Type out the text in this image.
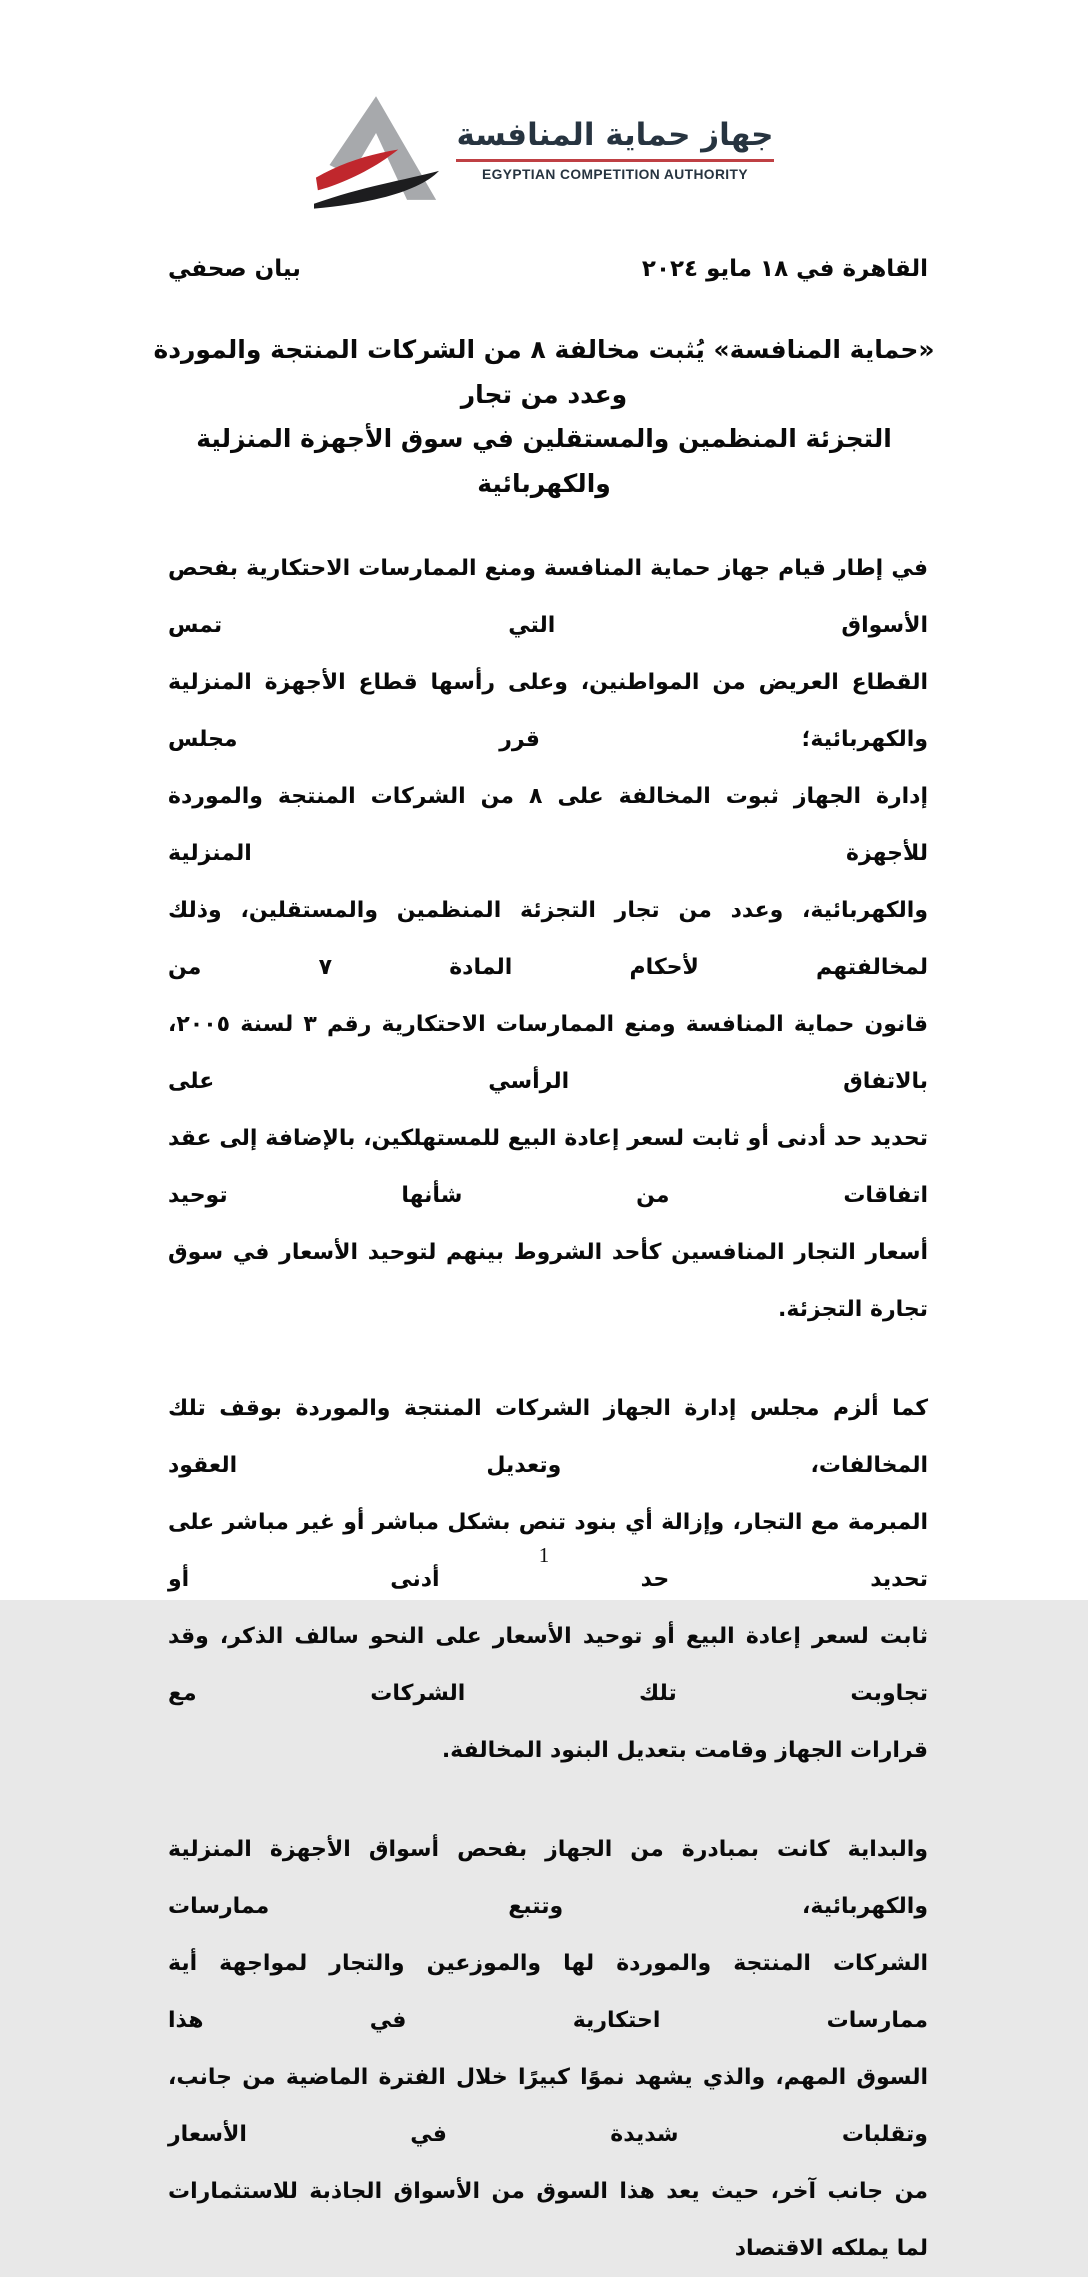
جهاز حماية المنافسة
EGYPTIAN COMPETITION AUTHORITY
القاهرة في ١٨ مايو ٢٠٢٤
بيان صحفي
«حماية المنافسة» يُثبت مخالفة ٨ من الشركات المنتجة والموردة وعدد من تجار
التجزئة المنظمين والمستقلين في سوق الأجهزة المنزلية والكهربائية
في إطار قيام جهاز حماية المنافسة ومنع الممارسات الاحتكارية بفحص الأسواق التي تمس
القطاع العريض من المواطنين، وعلى رأسها قطاع الأجهزة المنزلية والكهربائية؛ قرر مجلس
إدارة الجهاز ثبوت المخالفة على ٨ من الشركات المنتجة والموردة للأجهزة المنزلية
والكهربائية، وعدد من تجار التجزئة المنظمين والمستقلين، وذلك لمخالفتهم لأحكام المادة ٧ من
قانون حماية المنافسة ومنع الممارسات الاحتكارية رقم ٣ لسنة ٢٠٠٥، بالاتفاق الرأسي على
تحديد حد أدنى أو ثابت لسعر إعادة البيع للمستهلكين، بالإضافة إلى عقد اتفاقات من شأنها توحيد
أسعار التجار المنافسين كأحد الشروط بينهم لتوحيد الأسعار في سوق تجارة التجزئة.
كما ألزم مجلس إدارة الجهاز الشركات المنتجة والموردة بوقف تلك المخالفات، وتعديل العقود
المبرمة مع التجار، وإزالة أي بنود تنص بشكل مباشر أو غير مباشر على تحديد حد أدنى أو
ثابت لسعر إعادة البيع أو توحيد الأسعار على النحو سالف الذكر، وقد تجاوبت تلك الشركات مع
قرارات الجهاز وقامت بتعديل البنود المخالفة.
والبداية كانت بمبادرة من الجهاز بفحص أسواق الأجهزة المنزلية والكهربائية، وتتبع ممارسات
الشركات المنتجة والموردة لها والموزعين والتجار لمواجهة أية ممارسات احتكارية في هذا
السوق المهم، والذي يشهد نموًا كبيرًا خلال الفترة الماضية من جانب، وتقلبات شديدة في الأسعار
من جانب آخر، حيث يعد هذا السوق من الأسواق الجاذبة للاستثمارات لما يملكه الاقتصاد
1
